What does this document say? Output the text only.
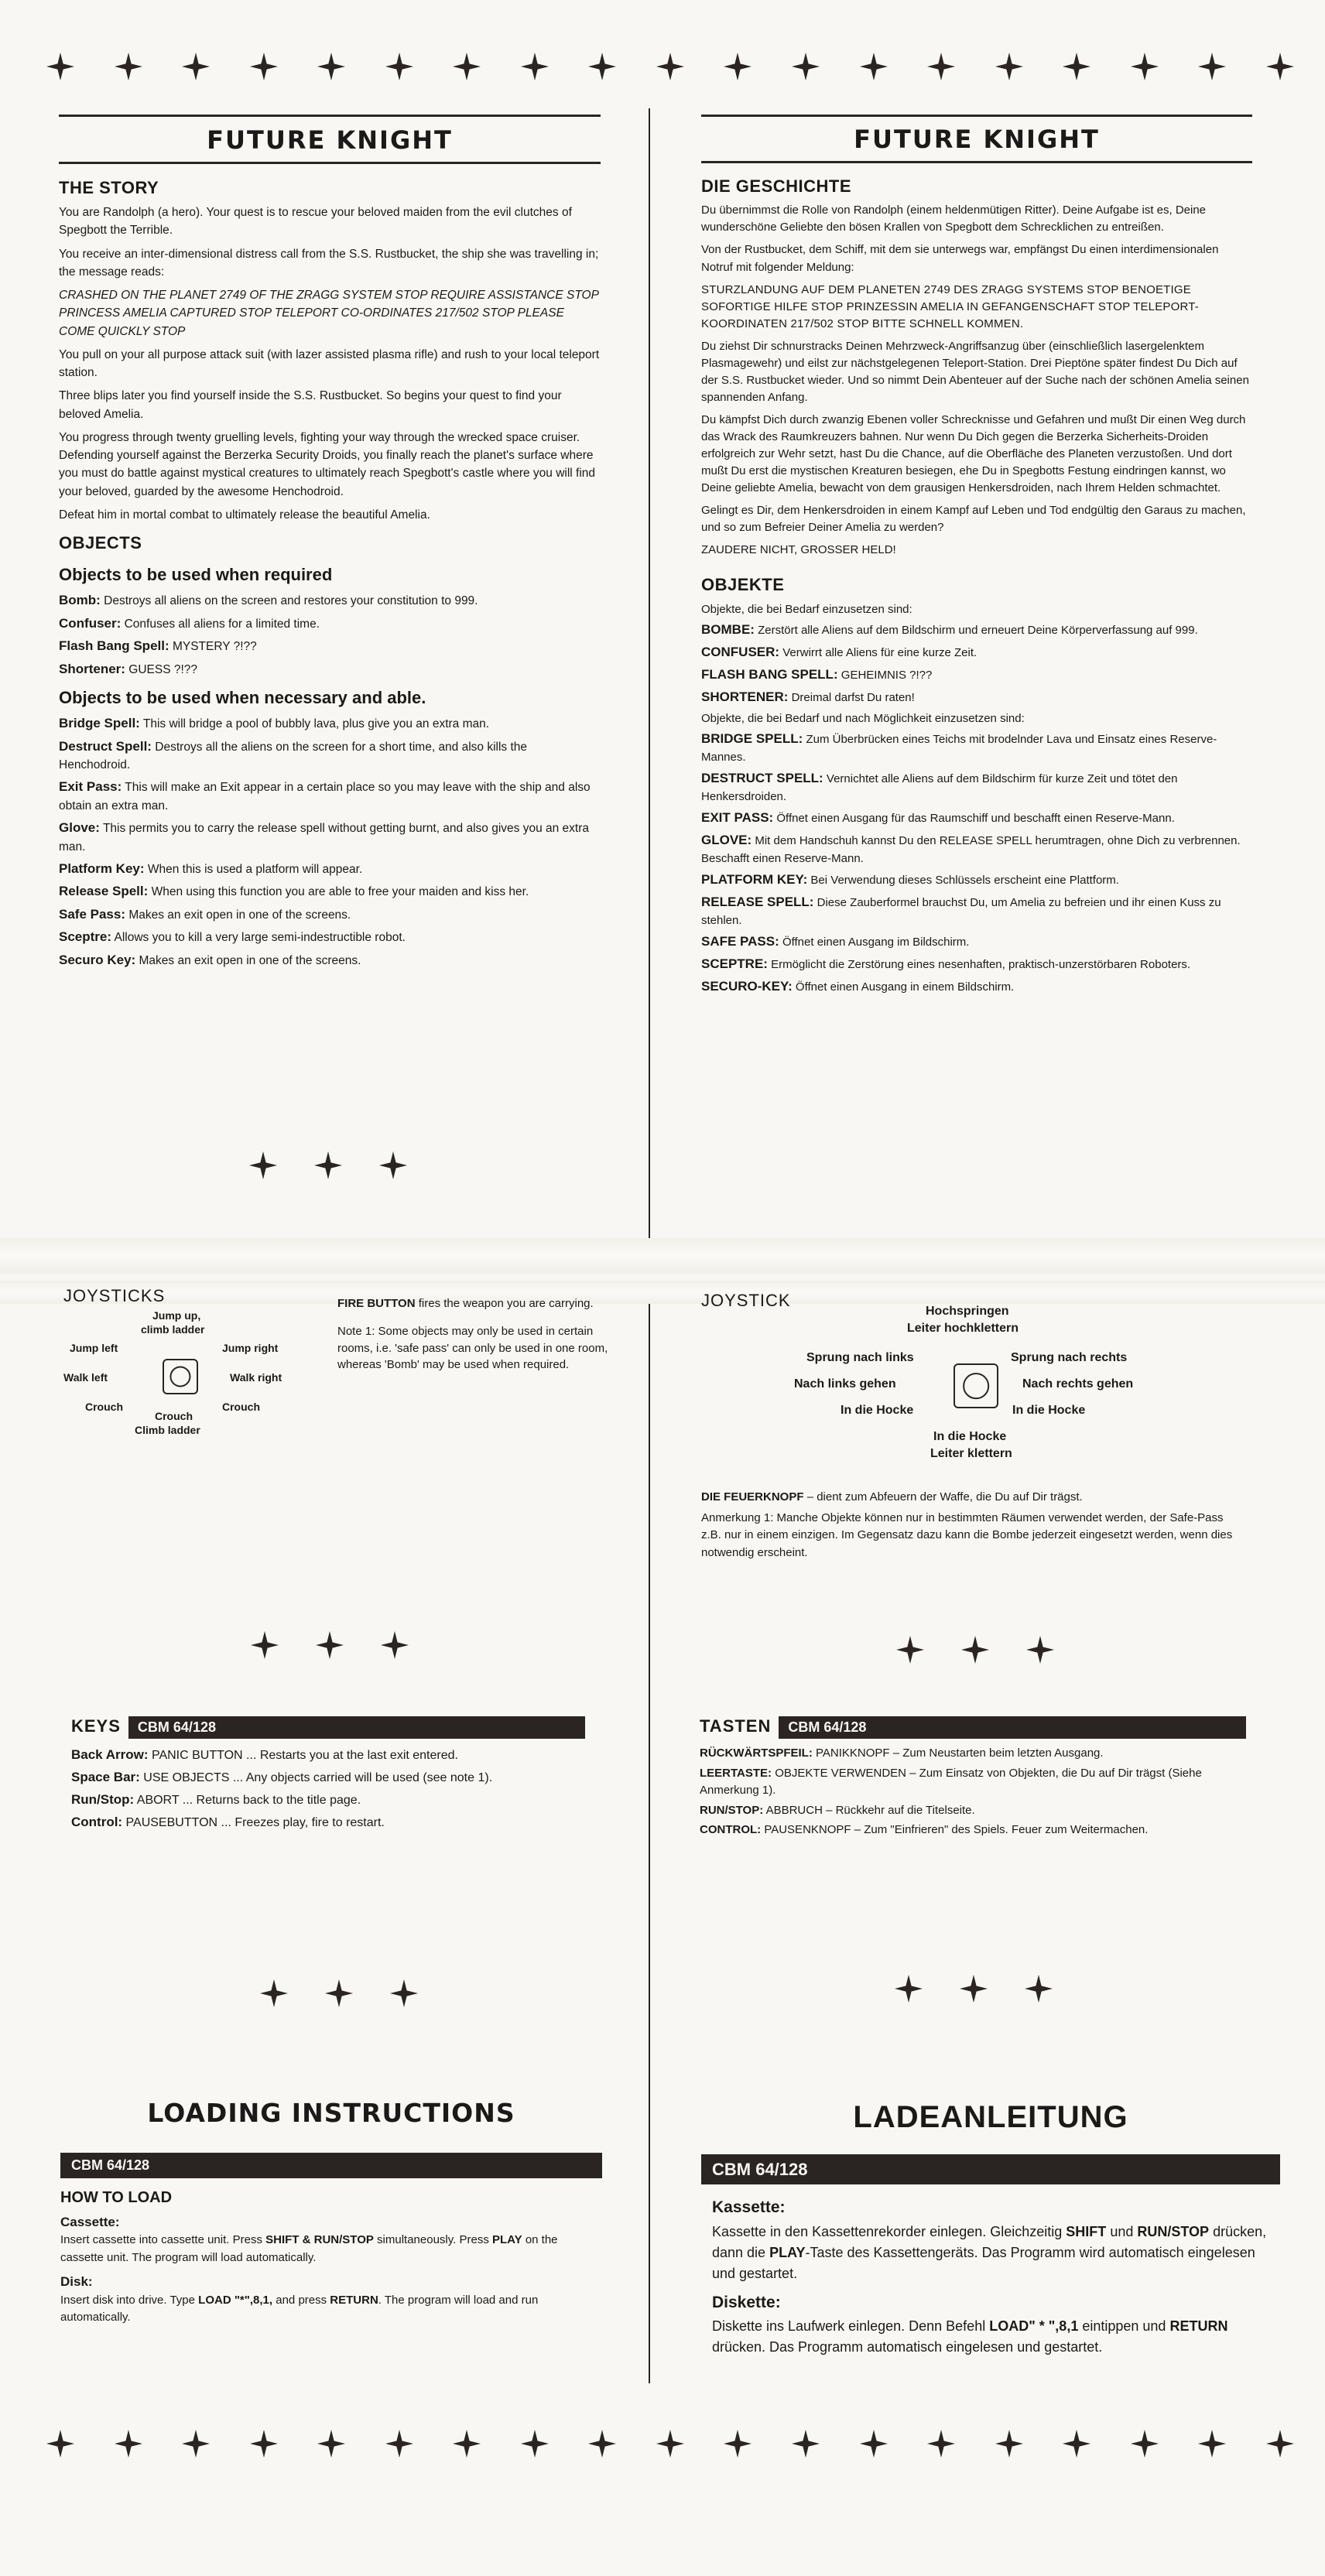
FUTURE KNIGHT
THE STORY

You are Randolph (a hero). Your quest is to rescue your beloved maiden from the evil clutches of Spegbott the Terrible.

You receive an inter-dimensional distress call from the S.S. Rustbucket, the ship she was travelling in; the message reads:

CRASHED ON THE PLANET 2749 OF THE ZRAGG SYSTEM STOP REQUIRE ASSISTANCE STOP PRINCESS AMELIA CAPTURED STOP TELEPORT CO-ORDINATES 217/502 STOP PLEASE COME QUICKLY STOP

You pull on your all purpose attack suit (with lazer assisted plasma rifle) and rush to your local teleport station.

Three blips later you find yourself inside the S.S. Rustbucket. So begins your quest to find your beloved Amelia.

You progress through twenty gruelling levels, fighting your way through the wrecked space cruiser. Defending yourself against the Berzerka Security Droids, you finally reach the planet's surface where you must do battle against mystical creatures to ultimately reach Spegbott's castle where you will find your beloved, guarded by the awesome Henchodroid.

Defeat him in mortal combat to ultimately release the beautiful Amelia.

OBJECTS
Objects to be used when required
Bomb: Destroys all aliens on the screen and restores your constitution to 999.
Confuser: Confuses all aliens for a limited time.
Flash Bang Spell: MYSTERY ?!??
Shortener: GUESS ?!??
Objects to be used when necessary and able.
Bridge Spell: This will bridge a pool of bubbly lava, plus give you an extra man.
Destruct Spell: Destroys all the aliens on the screen for a short time, and also kills the Henchodroid.
Exit Pass: This will make an Exit appear in a certain place so you may leave with the ship and also obtain an extra man.
Glove: This permits you to carry the release spell without getting burnt, and also gives you an extra man.
Platform Key: When this is used a platform will appear.
Release Spell: When using this function you are able to free your maiden and kiss her.
Safe Pass: Makes an exit open in one of the screens.
Sceptre: Allows you to kill a very large semi-indestructible robot.
Securo Key: Makes an exit open in one of the screens.
FUTURE KNIGHT
DIE GESCHICHTE

Du übernimmst die Rolle von Randolph (einem heldenmütigen Ritter). Deine Aufgabe ist es, Deine wunderschöne Geliebte den bösen Krallen von Spegbott dem Schrecklichen zu entreißen.

Von der Rustbucket, dem Schiff, mit dem sie unterwegs war, empfängst Du einen interdimensionalen Notruf mit folgender Meldung:

STURZLANDUNG AUF DEM PLANETEN 2749 DES ZRAGG SYSTEMS STOP BENOETIGE SOFORTIGE HILFE STOP PRINZESSIN AMELIA IN GEFANGENSCHAFT STOP TELEPORT-KOORDINATEN 217/502 STOP BITTE SCHNELL KOMMEN.

Du ziehst Dir schnurstracks Deinen Mehrzweck-Angriffsanzug über (einschließlich lasergelenktem Plasmagewehr) und eilst zur nächstgelegenen Teleport-Station. Drei Pieptöne später findest Du Dich auf der S.S. Rustbucket wieder. Und so nimmt Dein Abenteuer auf der Suche nach der schönen Amelia seinen spannenden Anfang.

Du kämpfst Dich durch zwanzig Ebenen voller Schrecknisse und Gefahren und mußt Dir einen Weg durch das Wrack des Raumkreuzers bahnen. Nur wenn Du Dich gegen die Berzerka Sicherheits-Droiden erfolgreich zur Wehr setzt, hast Du die Chance, auf die Oberfläche des Planeten verzustoßen. Und dort mußt Du erst die mystischen Kreaturen besiegen, ehe Du in Spegbotts Festung eindringen kannst, wo Deine geliebte Amelia, bewacht von dem grausigen Henkersdroiden, nach Ihrem Helden schmachtet.

Gelingt es Dir, dem Henkersdroiden in einem Kampf auf Leben und Tod endgültig den Garaus zu machen, und so zum Befreier Deiner Amelia zu werden?

ZAUDERE NICHT, GROSSER HELD!

OBJEKTE

Objekte, die bei Bedarf einzusetzen sind:

BOMBE: Zerstört alle Aliens auf dem Bildschirm und erneuert Deine Körperverfassung auf 999.
CONFUSER: Verwirrt alle Aliens für eine kurze Zeit.
FLASH BANG SPELL: GEHEIMNIS ?!??
SHORTENER: Dreimal darfst Du raten!

Objekte, die bei Bedarf und nach Möglichkeit einzusetzen sind:

BRIDGE SPELL: Zum Überbrücken eines Teichs mit brodelnder Lava und Einsatz eines Reserve-Mannes.
DESTRUCT SPELL: Vernichtet alle Aliens auf dem Bildschirm für kurze Zeit und tötet den Henkersdroiden.
EXIT PASS: Öffnet einen Ausgang für das Raumschiff und beschafft einen Reserve-Mann.
GLOVE: Mit dem Handschuh kannst Du den RELEASE SPELL herumtragen, ohne Dich zu verbrennen. Beschafft einen Reserve-Mann.
PLATFORM KEY: Bei Verwendung dieses Schlüssels erscheint eine Plattform.
RELEASE SPELL: Diese Zauberformel brauchst Du, um Amelia zu befreien und ihr einen Kuss zu stehlen.
SAFE PASS: Öffnet einen Ausgang im Bildschirm.
SCEPTRE: Ermöglicht die Zerstörung eines nesenhaften, praktisch-unzerstörbaren Roboters.
SECURO-KEY: Öffnet einen Ausgang in einem Bildschirm.
JOYSTICKS
Jump up,
climb ladder
Jump left	Jump right
Walk left	Walk right
Crouch
Crouch
Climb ladder
Crouch
FIRE BUTTON fires the weapon you are carrying.

Note 1: Some objects may only be used in certain rooms, i.e. 'safe pass' can only be used in one room, whereas 'Bomb' may be used when required.

JOYSTICK
Hochspringen
Leiter hochklettern
Sprung nach links	Sprung nach rechts
Nach links gehen	Nach rechts gehen
In die Hocke	In die Hocke
In die Hocke
Leiter klettern
DIE FEUERKNOPF – dient zum Abfeuern der Waffe, die Du auf Dir trägst.

Anmerkung 1: Manche Objekte können nur in bestimmten Räumen verwendet werden, der Safe-Pass z.B. nur in einem einzigen. Im Gegensatz dazu kann die Bombe jederzeit eingesetzt werden, wenn dies notwendig erscheint.

KEYS	CBM 64/128
Back Arrow: PANIC BUTTON ... Restarts you at the last exit entered.
Space Bar: USE OBJECTS ... Any objects carried will be used (see note 1).
Run/Stop: ABORT ... Returns back to the title page.
Control: PAUSEBUTTON ... Freezes play, fire to restart.
TASTEN	CBM 64/128
RÜCKWÄRTSPFEIL: PANIKKNOPF – Zum Neustarten beim letzten Ausgang.
LEERTASTE: OBJEKTE VERWENDEN – Zum Einsatz von Objekten, die Du auf Dir trägst (Siehe Anmerkung 1).
RUN/STOP: ABBRUCH – Rückkehr auf die Titelseite.
CONTROL: PAUSENKNOPF – Zum "Einfrieren" des Spiels. Feuer zum Weitermachen.
LOADING INSTRUCTIONS
CBM 64/128
HOW TO LOAD
Cassette:

Insert cassette into cassette unit. Press SHIFT & RUN/STOP simultaneously. Press PLAY on the cassette unit. The program will load automatically.

Disk:

Insert disk into drive. Type LOAD "*",8,1, and press RETURN. The program will load and run automatically.

LADEANLEITUNG
CBM 64/128
Kassette:

Kassette in den Kassettenrekorder einlegen. Gleichzeitig SHIFT und RUN/STOP drücken, dann die PLAY-Taste des Kassettengeräts. Das Programm wird automatisch eingelesen und gestartet.

Diskette:

Diskette ins Laufwerk einlegen. Denn Befehl LOAD" * ",8,1 eintippen und RETURN drücken. Das Programm automatisch eingelesen und gestartet.
